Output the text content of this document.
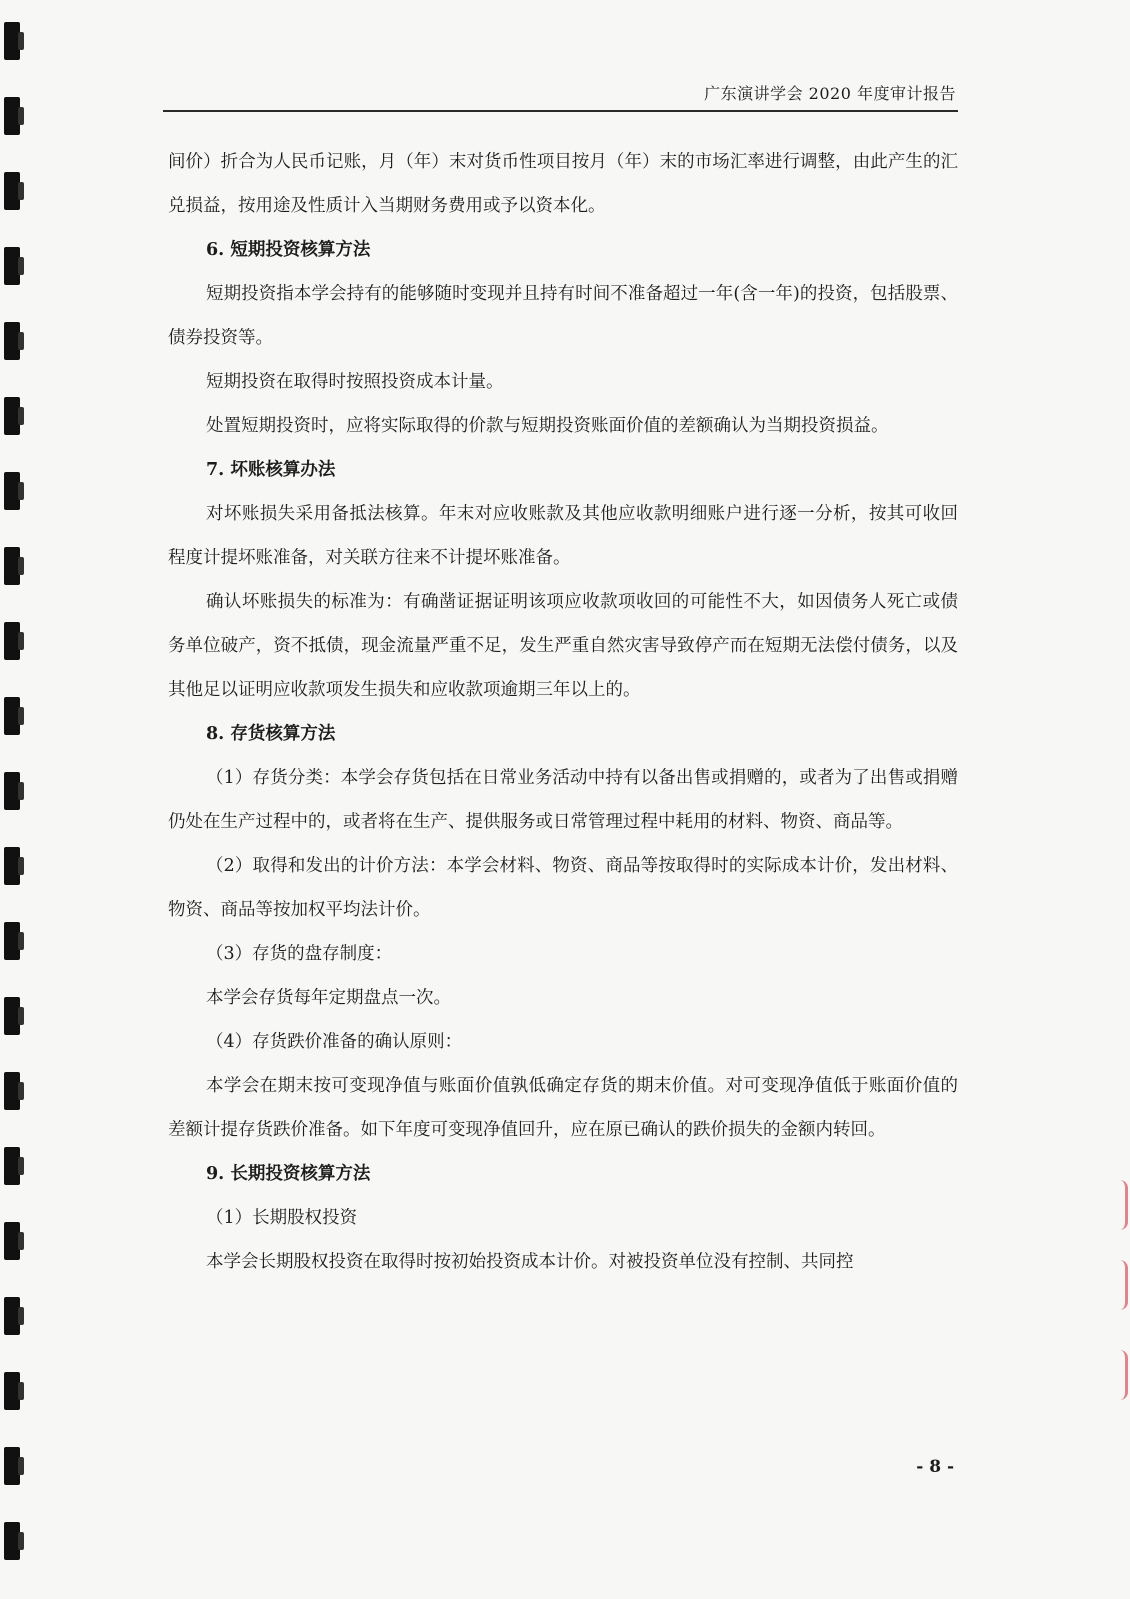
广东演讲学会 2020 年度审计报告

间价）折合为人民币记账，月（年）末对货币性项目按月（年）末的市场汇率进行调整，由此产生的汇兑损益，按用途及性质计入当期财务费用或予以资本化。

6. 短期投资核算方法

短期投资指本学会持有的能够随时变现并且持有时间不准备超过一年(含一年)的投资，包括股票、债券投资等。

短期投资在取得时按照投资成本计量。

处置短期投资时，应将实际取得的价款与短期投资账面价值的差额确认为当期投资损益。

7. 坏账核算办法

对坏账损失采用备抵法核算。年末对应收账款及其他应收款明细账户进行逐一分析，按其可收回程度计提坏账准备，对关联方往来不计提坏账准备。

确认坏账损失的标准为：有确凿证据证明该项应收款项收回的可能性不大，如因债务人死亡或债务单位破产，资不抵债，现金流量严重不足，发生严重自然灾害导致停产而在短期无法偿付债务，以及其他足以证明应收款项发生损失和应收款项逾期三年以上的。

8. 存货核算方法

（1）存货分类：本学会存货包括在日常业务活动中持有以备出售或捐赠的，或者为了出售或捐赠仍处在生产过程中的，或者将在生产、提供服务或日常管理过程中耗用的材料、物资、商品等。

（2）取得和发出的计价方法：本学会材料、物资、商品等按取得时的实际成本计价，发出材料、物资、商品等按加权平均法计价。

（3）存货的盘存制度：

本学会存货每年定期盘点一次。

（4）存货跌价准备的确认原则：

本学会在期末按可变现净值与账面价值孰低确定存货的期末价值。对可变现净值低于账面价值的差额计提存货跌价准备。如下年度可变现净值回升，应在原已确认的跌价损失的金额内转回。

9. 长期投资核算方法

（1）长期股权投资

本学会长期股权投资在取得时按初始投资成本计价。对被投资单位没有控制、共同控

- 8 -
